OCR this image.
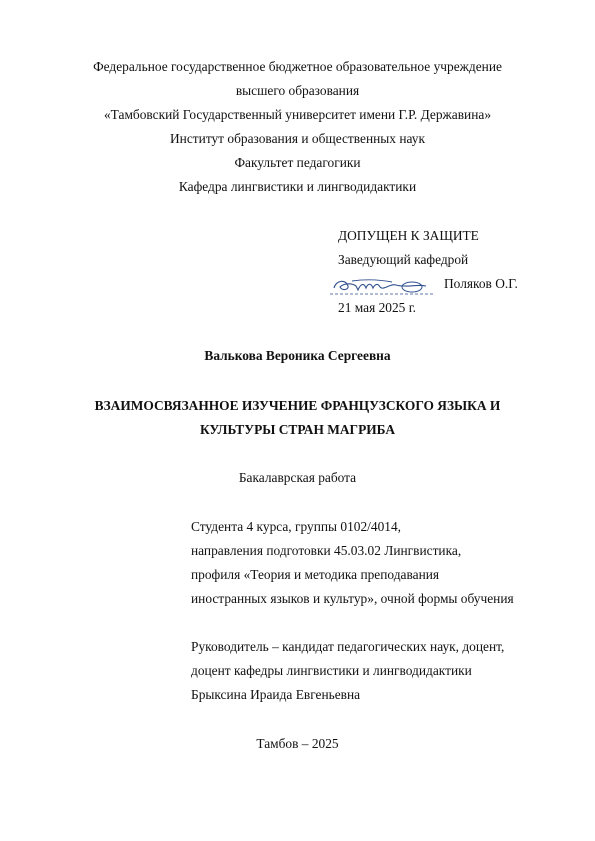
Федеральное государственное бюджетное образовательное учреждение
высшего образования
«Тамбовский Государственный университет имени Г.Р. Державина»
Институт образования и общественных наук
Факультет педагогики
Кафедра лингвистики и лингводидактики
ДОПУЩЕН К ЗАЩИТЕ
Заведующий кафедрой
Поляков О.Г.
21 мая 2025 г.
Валькова Вероника Сергеевна
ВЗАИМОСВЯЗАННОЕ ИЗУЧЕНИЕ ФРАНЦУЗСКОГО ЯЗЫКА И
КУЛЬТУРЫ СТРАН МАГРИБА
Бакалаврская работа
Студента 4 курса, группы 0102/4014,
направления подготовки 45.03.02 Лингвистика,
профиля «Теория и методика преподавания
иностранных языков и культур», очной формы обучения
Руководитель – кандидат педагогических наук, доцент,
доцент кафедры лингвистики и лингводидактики
Брыксина Ираида Евгеньевна
Тамбов – 2025
